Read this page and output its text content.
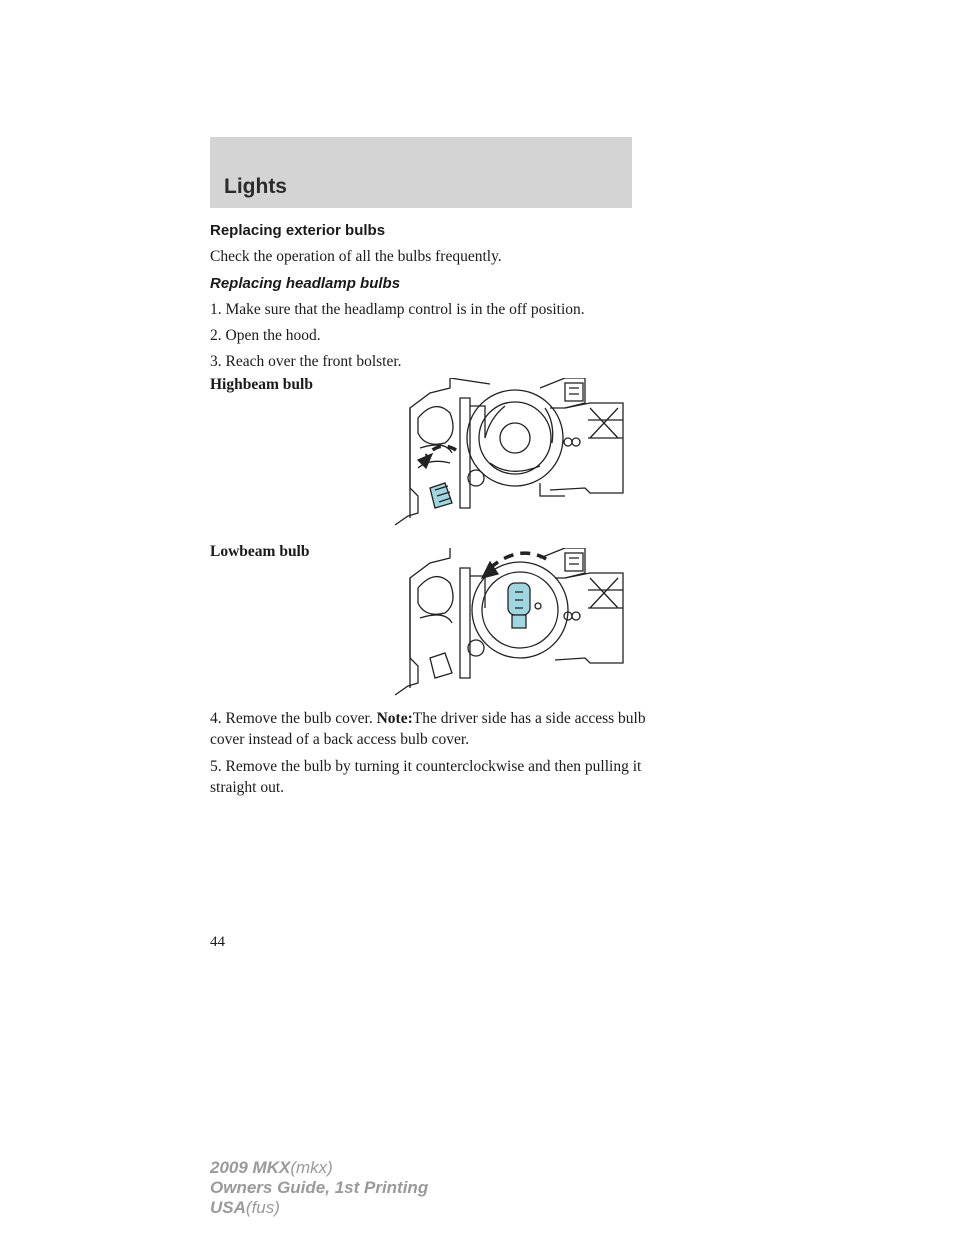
Lights
Replacing exterior bulbs
Check the operation of all the bulbs frequently.
Replacing headlamp bulbs
1. Make sure that the headlamp control is in the off position.
2. Open the hood.
3. Reach over the front bolster.
Highbeam bulb
Lowbeam bulb
4. Remove the bulb cover. Note:The driver side has a side access bulb
cover instead of a back access bulb cover.
5. Remove the bulb by turning it counterclockwise and then pulling it
straight out.
44
2009 MKX(mkx)
Owners Guide, 1st Printing
USA(fus)
